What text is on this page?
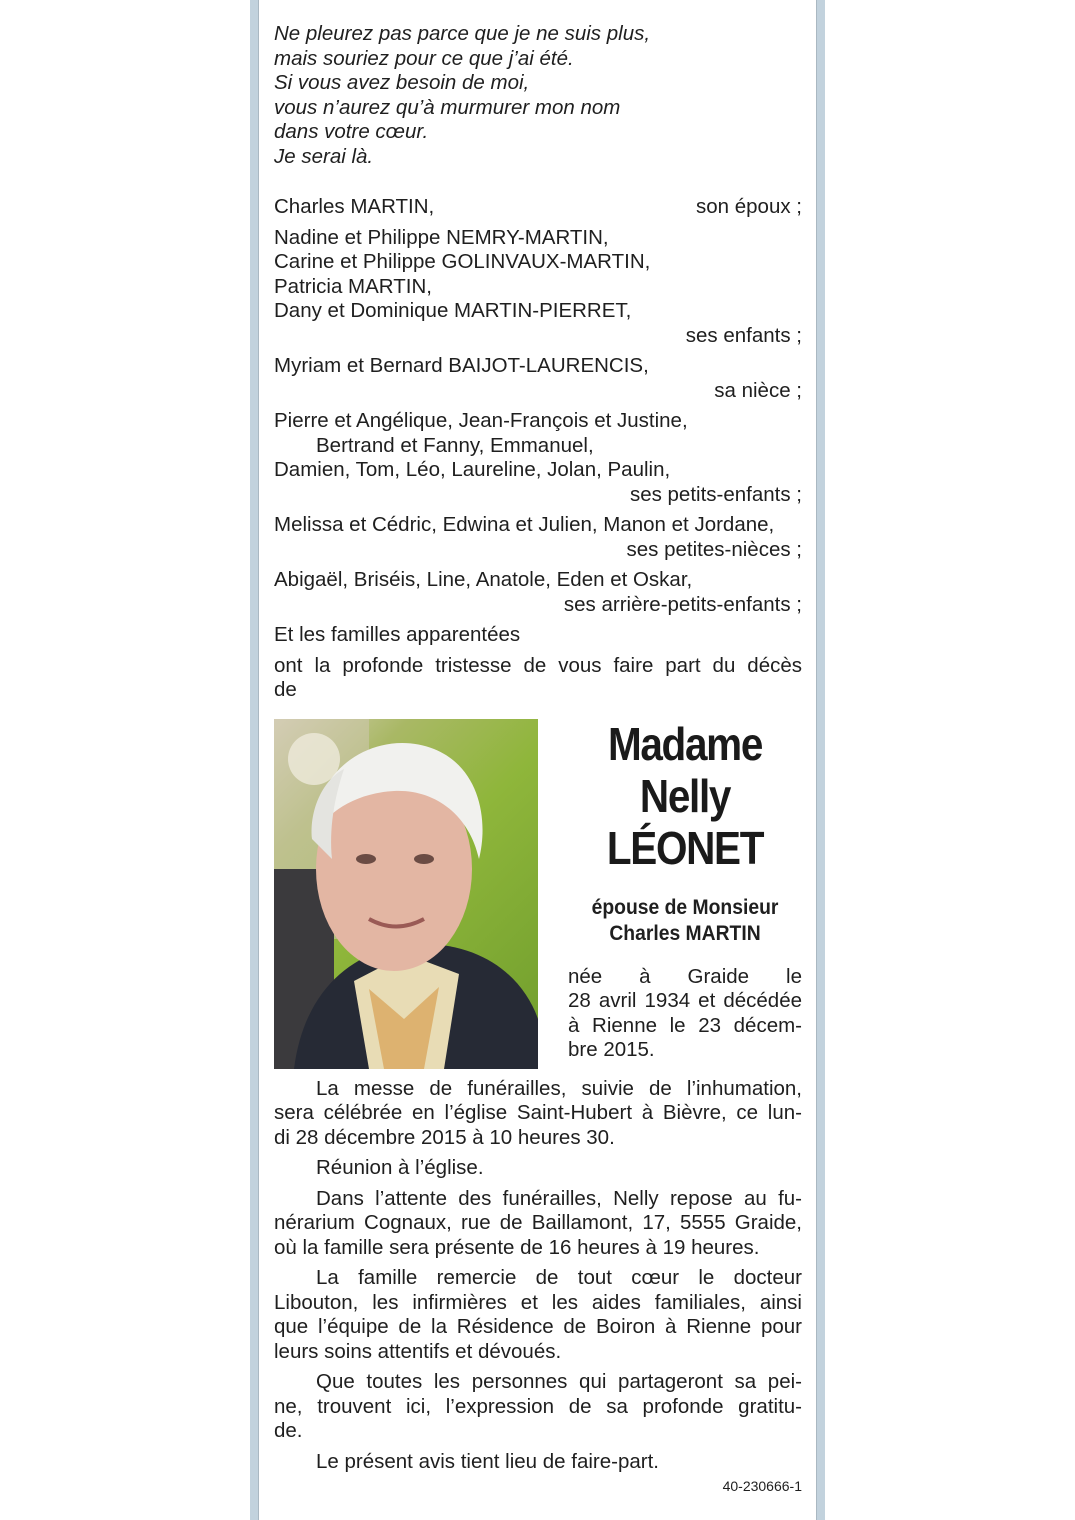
Ne pleurez pas parce que je ne suis plus,
mais souriez pour ce que j’ai été.
Si vous avez besoin de moi,
vous n’aurez qu’à murmurer mon nom
dans votre cœur.
Je serai là.
Charles MARTIN,	son époux ;
Nadine et Philippe NEMRY-MARTIN,
Carine et Philippe GOLINVAUX-MARTIN,
Patricia MARTIN,
Dany et Dominique MARTIN-PIERRET,
ses enfants ;
Myriam et Bernard BAIJOT-LAURENCIS,
sa nièce ;
Pierre et Angélique, Jean-François et Justine,
Bertrand et Fanny, Emmanuel,
Damien, Tom, Léo, Laureline, Jolan, Paulin,
ses petits-enfants ;
Melissa et Cédric, Edwina et Julien, Manon et Jordane,
ses petites-nièces ;
Abigaël, Briséis, Line, Anatole, Eden et Oskar,
ses arrière-petits-enfants ;
Et les familles apparentées
ont la profonde tristesse de vous faire part du décès
de
Madame
Nelly
LÉONET
épouse de Monsieur
Charles MARTIN
née à Graide le
28 avril 1934 et décédée
à Rienne le 23 décem-
bre 2015.
La messe de funérailles, suivie de l’inhumation,
sera célébrée en l’église Saint-Hubert à Bièvre, ce lun-
di 28 décembre 2015 à 10 heures 30.
Réunion à l’église.
Dans l’attente des funérailles, Nelly repose au fu-
nérarium Cognaux, rue de Baillamont, 17, 5555 Graide,
où la famille sera présente de 16 heures à 19 heures.
La famille remercie de tout cœur le docteur
Libouton, les infirmières et les aides familiales, ainsi
que l’équipe de la Résidence de Boiron à Rienne pour
leurs soins attentifs et dévoués.
Que toutes les personnes qui partageront sa pei-
ne, trouvent ici, l’expression de sa profonde gratitu-
de.
Le présent avis tient lieu de faire-part.
40-230666-1
